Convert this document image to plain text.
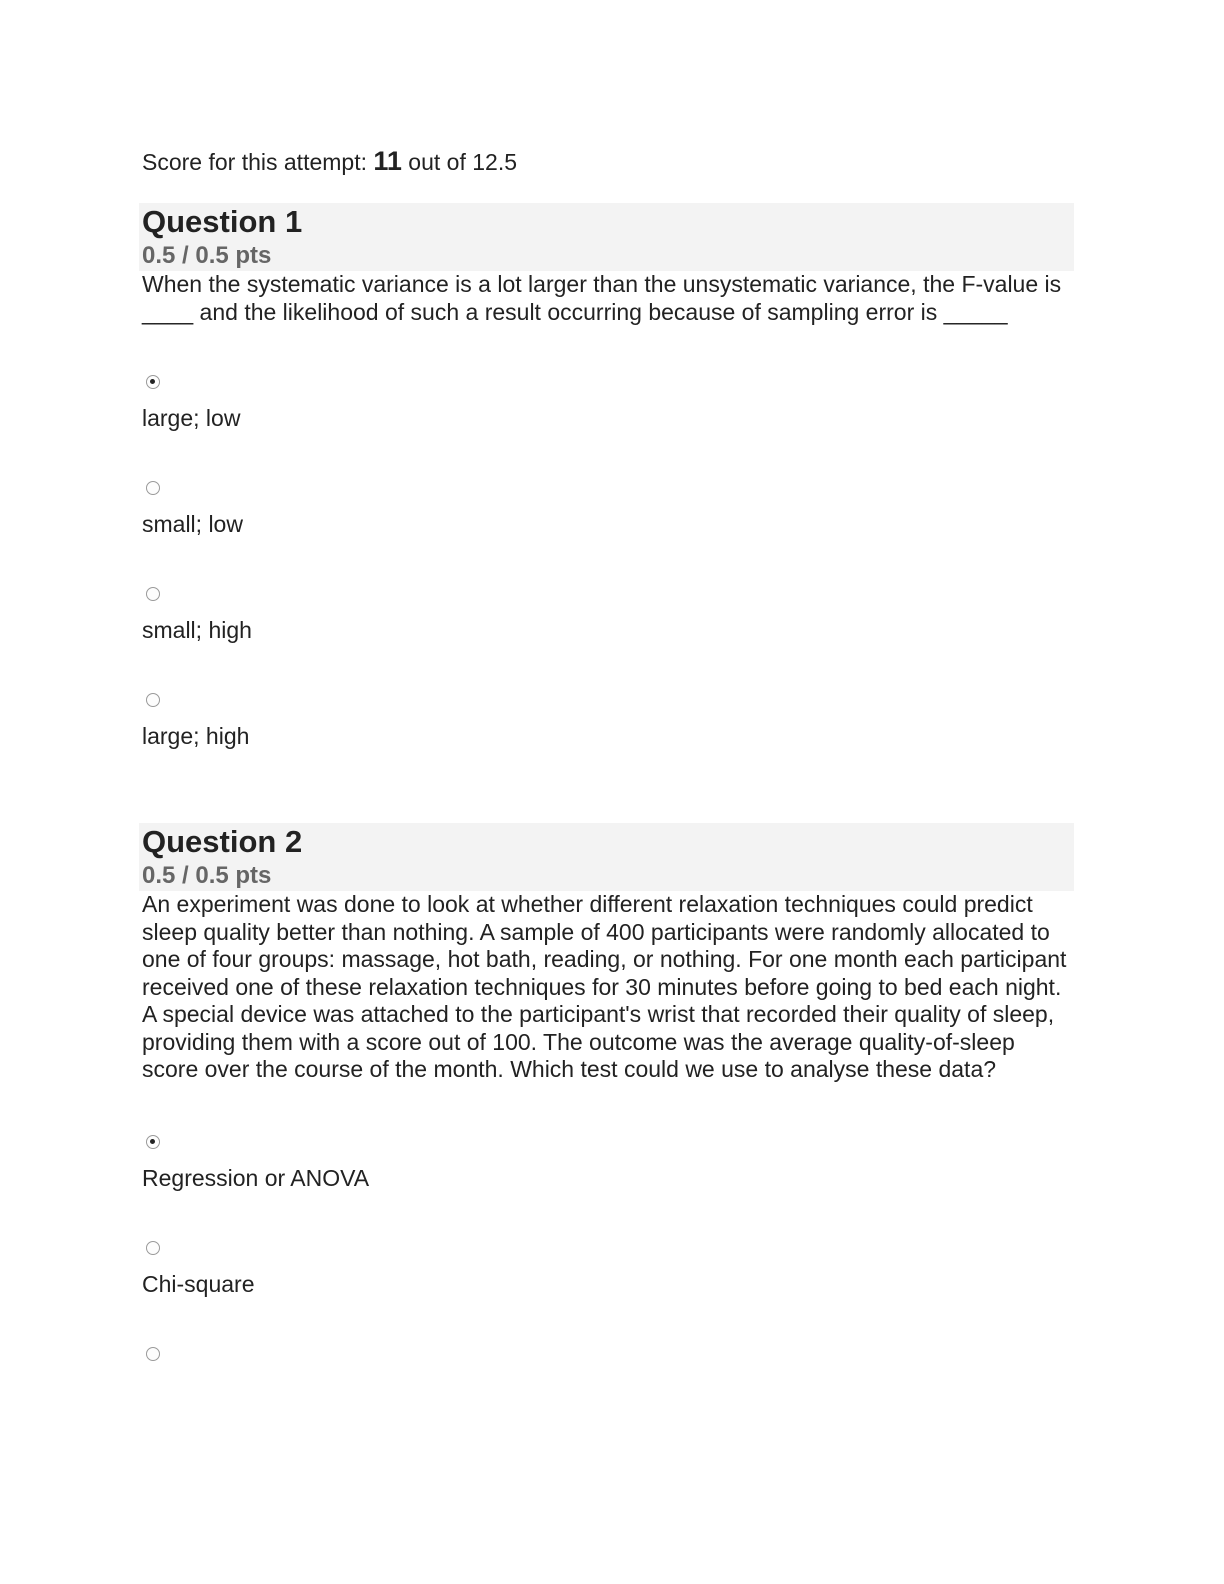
Score for this attempt: 11 out of 12.5
Question 1
0.5 / 0.5 pts

When the systematic variance is a lot larger than the unsystematic variance, the F-value is ____ and the likelihood of such a result occurring because of sampling error is _____

large; low
small; low
small; high
large; high
Question 2
0.5 / 0.5 pts

An experiment was done to look at whether different relaxation techniques could predict sleep quality better than nothing. A sample of 400 participants were randomly allocated to one of four groups: massage, hot bath, reading, or nothing. For one month each participant received one of these relaxation techniques for 30 minutes before going to bed each night. A special device was attached to the participant's wrist that recorded their quality of sleep, providing them with a score out of 100. The outcome was the average quality-of-sleep score over the course of the month. Which test could we use to analyse these data?

Regression or ANOVA
Chi-square
